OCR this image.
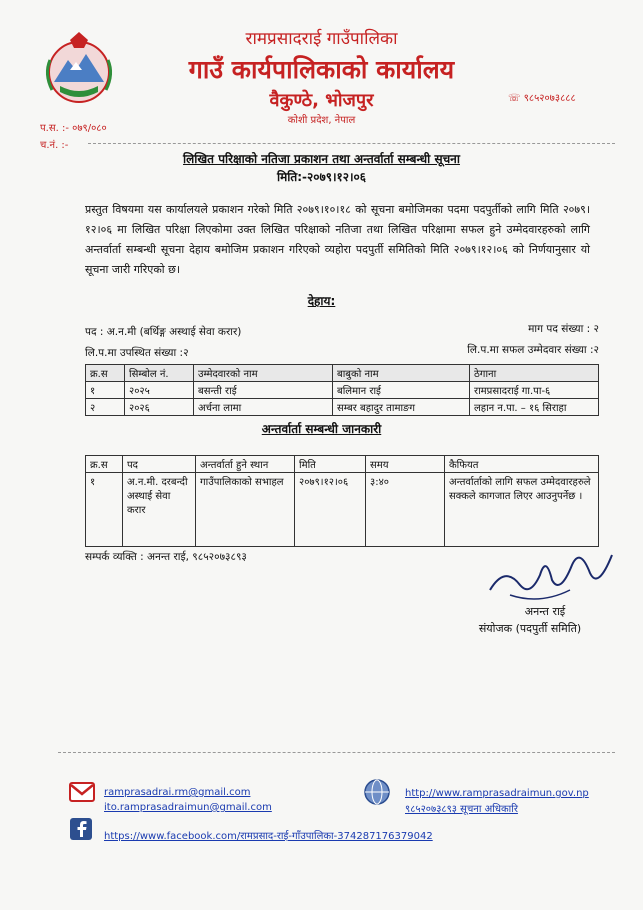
रामप्रसादराई गाउँपालिका
गाउँ कार्यपालिकाको कार्यालय
वैकुण्ठे, भोजपुर
कोशी प्रदेश, नेपाल
☏ ९८५२०७३८८८
प.स. :- ०७९/०८०
च.नं. :-
लिखित परिक्षाको नतिजा प्रकाशन तथा अन्तर्वार्ता सम्बन्धी सूचना
मिति:-२०७९।१२।०६
प्रस्तुत विषयमा यस कार्यालयले प्रकाशन गरेको मिति २०७९।१०।१८ को सूचना बमोजिमका पदमा पदपुर्तीको लागि मिति २०७९।१२।०६ मा लिखित परिक्षा लिएकोमा उक्त लिखित परिक्षाको नतिजा तथा लिखित परिक्षामा सफल हुने उम्मेदवारहरुको लागि अन्तर्वार्ता सम्बन्धी सूचना देहाय बमोजिम प्रकाशन गरिएको व्यहोरा पदपुर्ती समितिको मिति २०७९।१२।०६ को निर्णयानुसार यो सूचना जारी गरिएको छ।
देहाय:
पद : अ.न.मी (बर्थिङ्ग अस्थाई सेवा करार)	माग पद संख्या : २
लि.प.मा उपस्थित संख्या :२	लि.प.मा सफल उम्मेदवार संख्या :२
क्र.स	सिम्बोल नं.	उम्मेदवारको नाम	बाबुको नाम	ठेगाना
१	२०२५	बसन्ती राई	बलिमान राई	रामप्रसादराई गा.पा-६
२	२०२६	अर्चना लामा	सम्बर बहादुर तामाङग	लहान न.पा. – १६ सिराहा
अन्तर्वार्ता सम्बन्धी जानकारी
क्र.स	पद	अन्तर्वार्ता हुने स्थान	मिति	समय	कैफियत
१	अ.न.मी. दरबन्दी अस्थाई सेवा करार	गाउँपालिकाको सभाहल	२०७९।१२।०६	३:४०	अन्तर्वार्ताको लागि सफल उम्मेदवारहरुले सक्कले कागजात लिएर आउनुपर्नेछ ।
सम्पर्क व्यक्ति : अनन्त राई, ९८५२०७३८९३
अनन्त राई
संयोजक (पदपुर्ती समिति)
ramprasadrai.rm@gmail.com
ito.ramprasadraimun@gmail.com
http://www.ramprasadraimun.gov.np
९८५२०७३८९३ सूचना अधिकारि
https://www.facebook.com/रामप्रसाद-राई-गाँउपालिका-374287176379042
